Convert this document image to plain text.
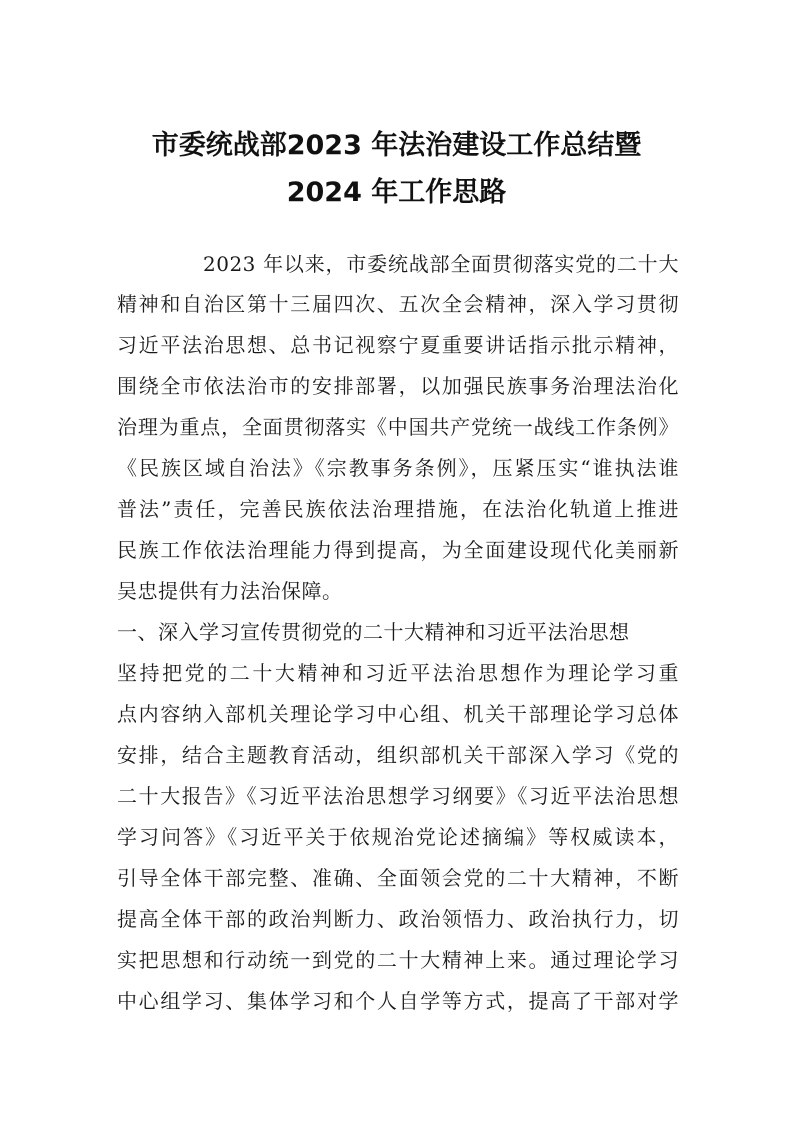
市委统战部2023 年法治建设工作总结暨
2024 年工作思路
2023 年以来，市委统战部全面贯彻落实党的二十大
精神和自治区第十三届四次、五次全会精神，深入学习贯彻
习近平法治思想、总书记视察宁夏重要讲话指示批示精神，
围绕全市依法治市的安排部署，以加强民族事务治理法治化
治理为重点，全面贯彻落实《中国共产党统一战线工作条例》
《民族区域自治法》《宗教事务条例》，压紧压实“谁执法谁
普法”责任，完善民族依法治理措施，在法治化轨道上推进
民族工作依法治理能力得到提高，为全面建设现代化美丽新
吴忠提供有力法治保障。
一、深入学习宣传贯彻党的二十大精神和习近平法治思想
坚持把党的二十大精神和习近平法治思想作为理论学习重
点内容纳入部机关理论学习中心组、机关干部理论学习总体
安排，结合主题教育活动，组织部机关干部深入学习《党的
二十大报告》《习近平法治思想学习纲要》《习近平法治思想
学习问答》《习近平关于依规治党论述摘编》等权威读本，
引导全体干部完整、准确、全面领会党的二十大精神，不断
提高全体干部的政治判断力、政治领悟力、政治执行力，切
实把思想和行动统一到党的二十大精神上来。通过理论学习
中心组学习、集体学习和个人自学等方式，提高了干部对学
